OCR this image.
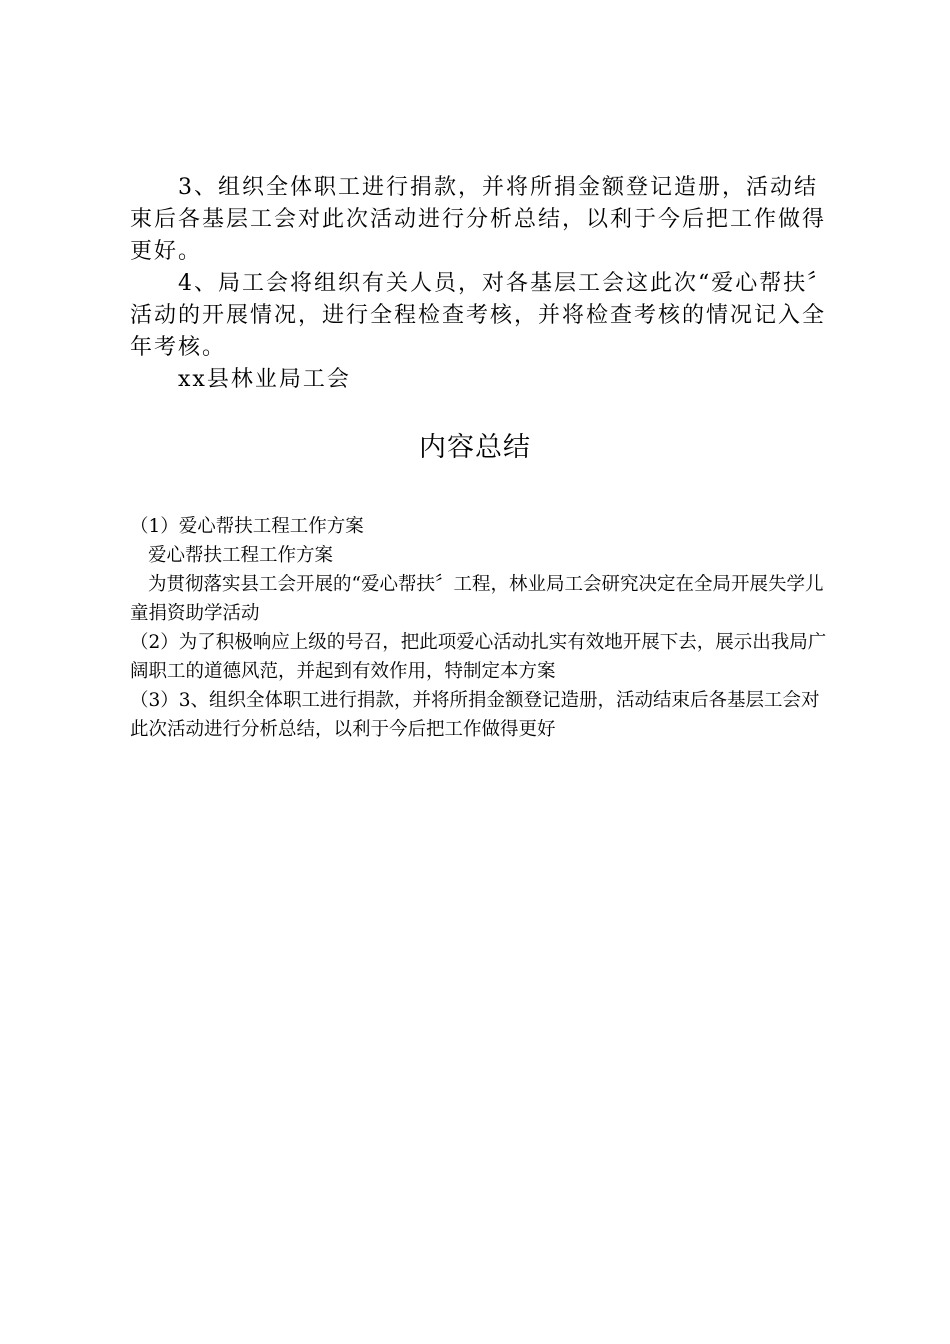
3、组织全体职工进行捐款，并将所捐金额登记造册，活动结束后各基层工会对此次活动进行分析总结，以利于今后把工作做得更好。

4、局工会将组织有关人员，对各基层工会这此次“爱心帮扶〞活动的开展情况，进行全程检查考核，并将检查考核的情况记入全年考核。

xx县林业局工会

内容总结

（1）爱心帮扶工程工作方案

爱心帮扶工程工作方案

为贯彻落实县工会开展的“爱心帮扶〞工程，林业局工会研究决定在全局开展失学儿童捐资助学活动

（2）为了积极响应上级的号召，把此项爱心活动扎实有效地开展下去，展示出我局广阔职工的道德风范，并起到有效作用，特制定本方案

（3）3、组织全体职工进行捐款，并将所捐金额登记造册，活动结束后各基层工会对此次活动进行分析总结，以利于今后把工作做得更好
